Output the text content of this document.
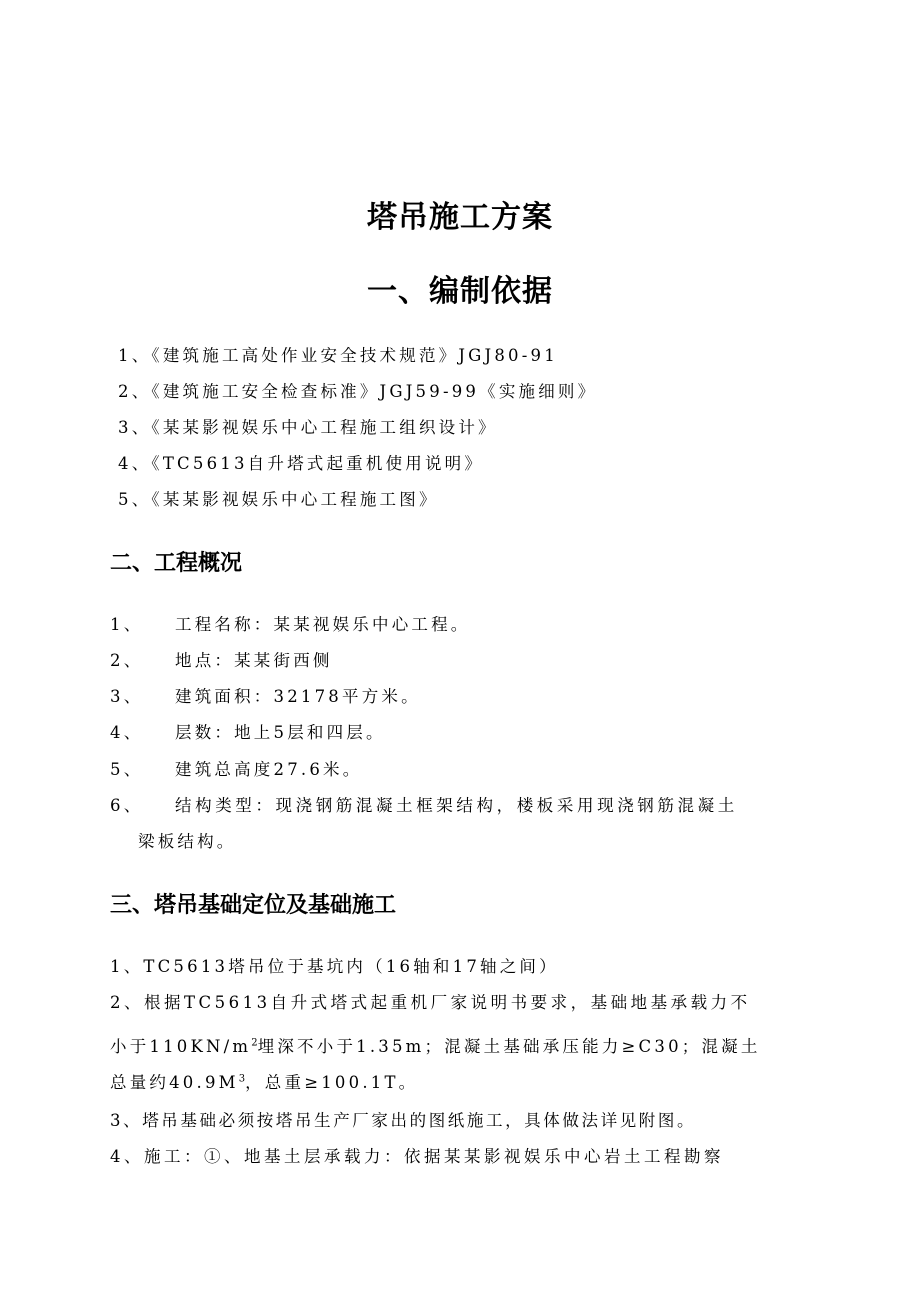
塔吊施工方案
一、编制依据
1、《建筑施工高处作业安全技术规范》JGJ80-91
2、《建筑施工安全检查标准》JGJ59-99《实施细则》
3、《某某影视娱乐中心工程施工组织设计》
4、《TC5613自升塔式起重机使用说明》
5、《某某影视娱乐中心工程施工图》
二、工程概况
1、 工程名称：某某视娱乐中心工程。
2、 地点：某某街西侧
3、 建筑面积：32178平方米。
4、 层数：地上5层和四层。
5、 建筑总高度27.6米。
6、 结构类型：现浇钢筋混凝土框架结构，楼板采用现浇钢筋混凝土
梁板结构。
三、塔吊基础定位及基础施工
1、TC5613塔吊位于基坑内（16轴和17轴之间）
2、根据TC5613自升式塔式起重机厂家说明书要求，基础地基承载力不
小于$110KN/m^2$埋深不小于1.35m；混凝土基础承压能力≥C30；混凝土
总量约$40.9M^3$，总重≥100.1T。
3、塔吊基础必须按塔吊生产厂家出的图纸施工，具体做法详见附图。
4、施工：①、地基土层承载力：依据某某影视娱乐中心岩土工程勘察
